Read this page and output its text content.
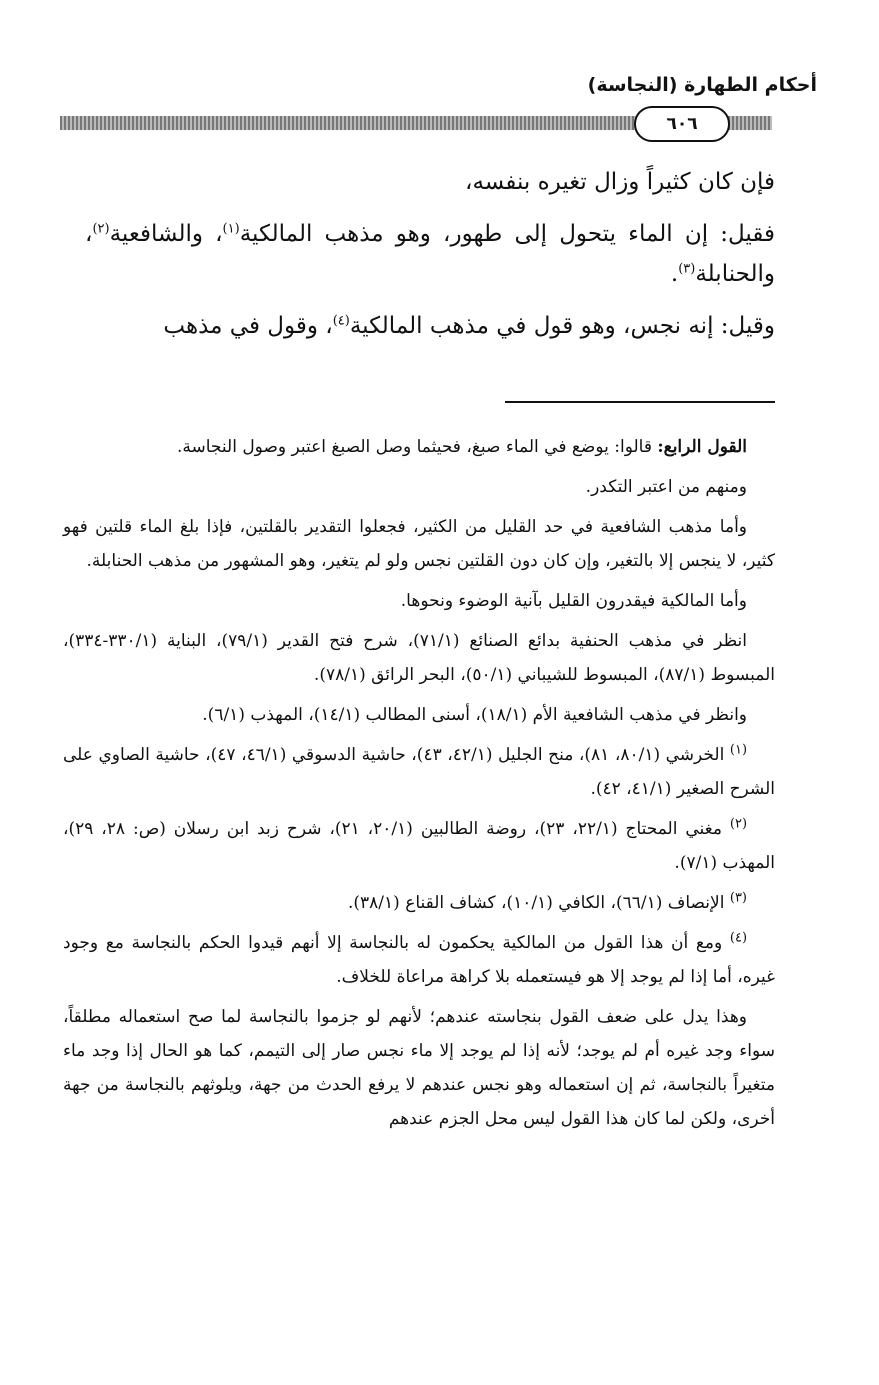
أحكام الطهارة (النجاسة)
٦٠٦

فإن كان كثيراً وزال تغيره بنفسه،

فقيل: إن الماء يتحول إلى طهور، وهو مذهب المالكية$^{(١)}$، والشافعية$^{(٢)}$، والحنابلة$^{(٣)}$.

وقيل: إنه نجس، وهو قول في مذهب المالكية$^{(٤)}$، وقول في مذهب

القول الرابع: قالوا: يوضع في الماء صبغ، فحيثما وصل الصبغ اعتبر وصول النجاسة.

ومنهم من اعتبر التكدر.

وأما مذهب الشافعية في حد القليل من الكثير، فجعلوا التقدير بالقلتين، فإذا بلغ الماء قلتين فهو كثير، لا ينجس إلا بالتغير، وإن كان دون القلتين نجس ولو لم يتغير، وهو المشهور من مذهب الحنابلة.

وأما المالكية فيقدرون القليل بآنية الوضوء ونحوها.

انظر في مذهب الحنفية بدائع الصنائع (٧١/١)، شرح فتح القدير (٧٩/١)، البناية (٣٣٠/١-٣٣٤)، المبسوط (٨٧/١)، المبسوط للشيباني (٥٠/١)، البحر الرائق (٧٨/١).

وانظر في مذهب الشافعية الأم (١٨/١)، أسنى المطالب (١٤/١)، المهذب (٦/١).

$^{(١)}$ الخرشي (٨٠/١، ٨١)، منح الجليل (٤٢/١، ٤٣)، حاشية الدسوقي (٤٦/١، ٤٧)، حاشية الصاوي على الشرح الصغير (٤١/١، ٤٢).

$^{(٢)}$ مغني المحتاج (٢٢/١، ٢٣)، روضة الطالبين (٢٠/١، ٢١)، شرح زبد ابن رسلان (ص: ٢٨، ٢٩)، المهذب (٧/١).

$^{(٣)}$ الإنصاف (٦٦/١)، الكافي (١٠/١)، كشاف القناع (٣٨/١).

$^{(٤)}$ ومع أن هذا القول من المالكية يحكمون له بالنجاسة إلا أنهم قيدوا الحكم بالنجاسة مع وجود غيره، أما إذا لم يوجد إلا هو فيستعمله بلا كراهة مراعاة للخلاف.

وهذا يدل على ضعف القول بنجاسته عندهم؛ لأنهم لو جزموا بالنجاسة لما صح استعماله مطلقاً، سواء وجد غيره أم لم يوجد؛ لأنه إذا لم يوجد إلا ماء نجس صار إلى التيمم، كما هو الحال إذا وجد ماء متغيراً بالنجاسة، ثم إن استعماله وهو نجس عندهم لا يرفع الحدث من جهة، ويلوثهم بالنجاسة من جهة أخرى، ولكن لما كان هذا القول ليس محل الجزم عندهم
